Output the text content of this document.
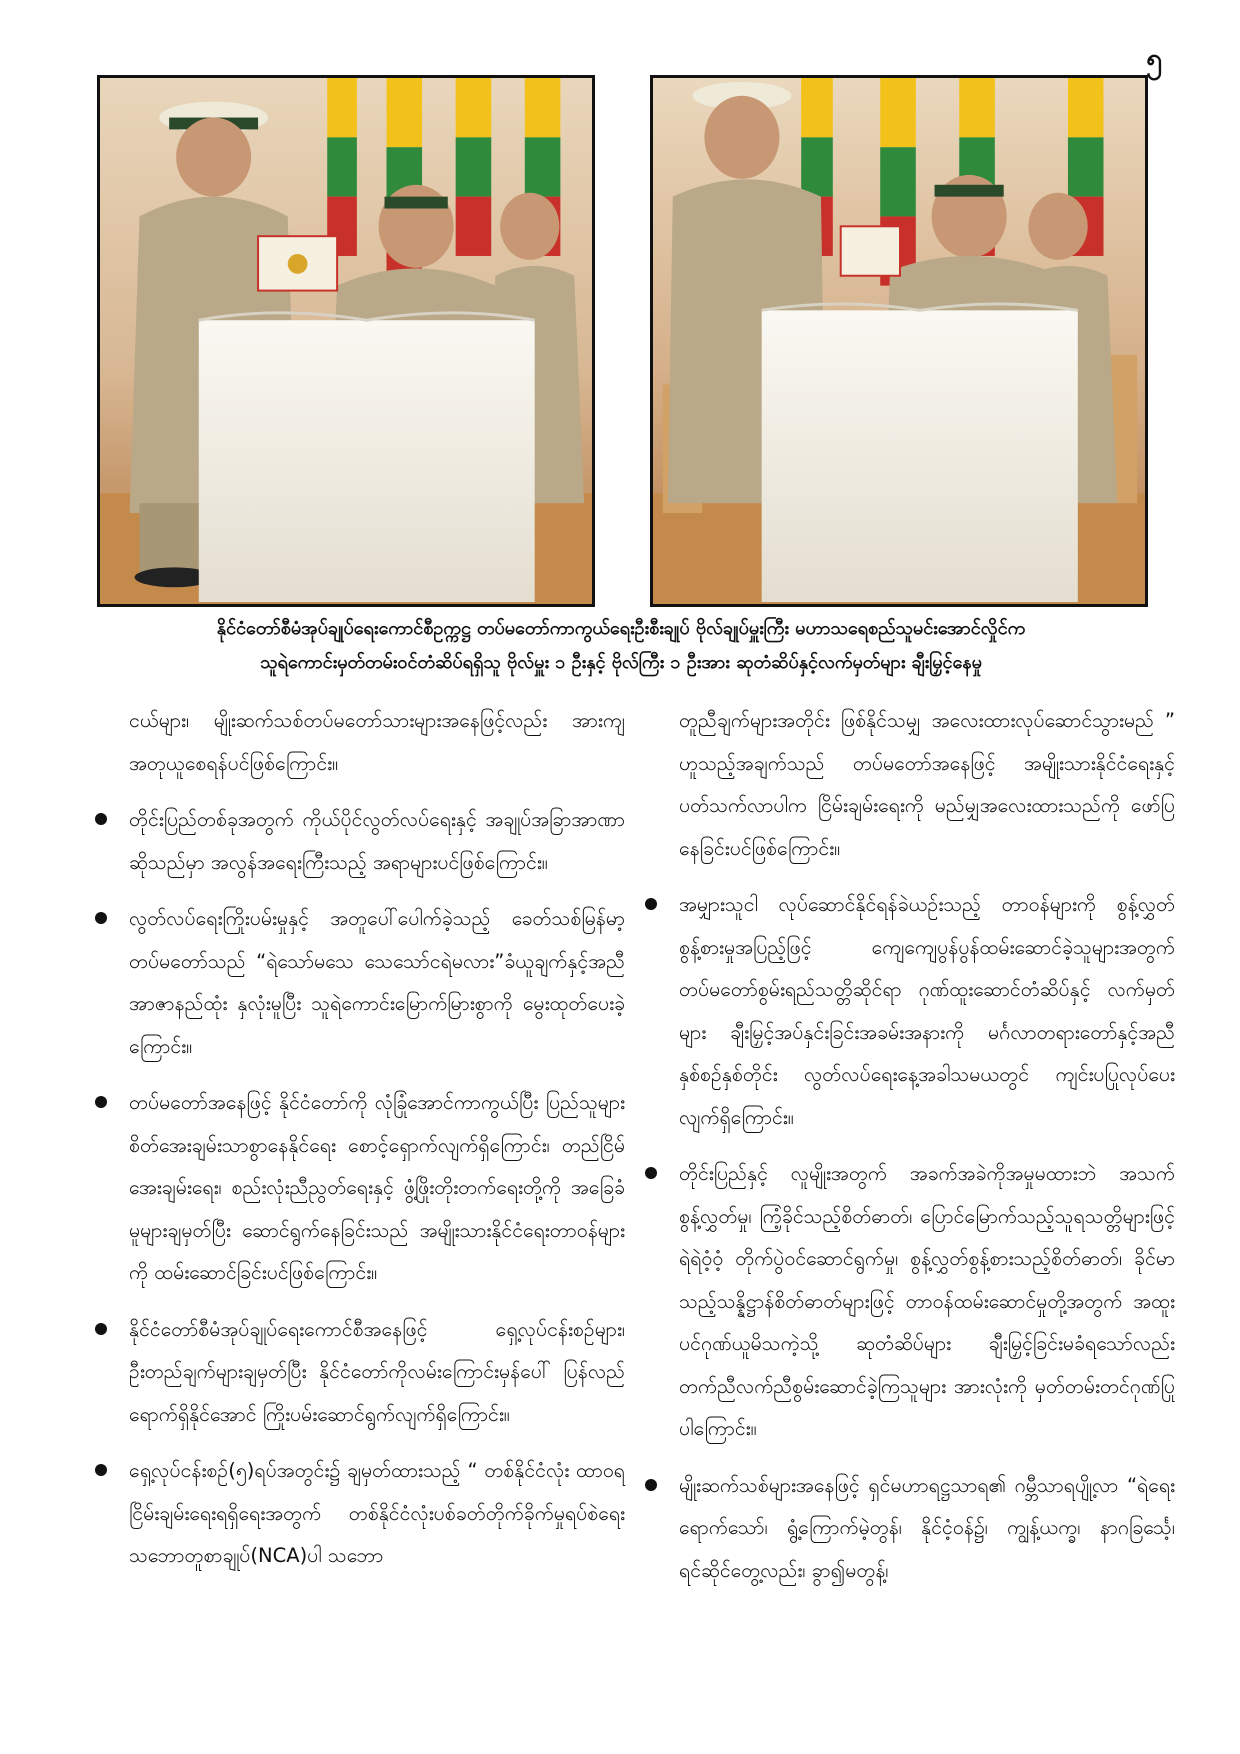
၅
နိုင်ငံတော်စီမံအုပ်ချုပ်ရေးကောင်စီဥက္ကဋ္ဌ တပ်မတော်ကာကွယ်ရေးဦးစီးချုပ် ဗိုလ်ချုပ်မှူးကြီး မဟာသရေစည်သူမင်းအောင်လှိုင်က
သူရဲကောင်းမှတ်တမ်းဝင်တံဆိပ်ရရှိသူ ဗိုလ်မှူး ၁ ဦးနှင့် ဗိုလ်ကြီး ၁ ဦးအား ဆုတံဆိပ်နှင့်လက်မှတ်များ ချီးမြှင့်နေမှု

ငယ်များ၊ မျိုးဆက်သစ်တပ်မတော်သားများအနေဖြင့်လည်း အားကျအတုယူစေရန်ပင်ဖြစ်ကြောင်း။

တိုင်းပြည်တစ်ခုအတွက် ကိုယ်ပိုင်လွတ်လပ်ရေးနှင့် အချုပ်အခြာအာဏာဆိုသည်မှာ အလွန်အရေးကြီးသည့် အရာများပင်ဖြစ်ကြောင်း။
လွတ်လပ်ရေးကြိုးပမ်းမှုနှင့် အတူပေါ်ပေါက်ခဲ့သည့် ခေတ်သစ်မြန်မာ့တပ်မတော်သည် “ရဲသော်မသေ သေသော်ငရဲမလား”ခံယူချက်နှင့်အညီ အာဇာနည်ထုံး နှလုံးမူပြီး သူရဲကောင်းမြောက်မြားစွာကို မွေးထုတ်ပေးခဲ့ကြောင်း။
တပ်မတော်အနေဖြင့် နိုင်ငံတော်ကို လုံခြုံအောင်ကာကွယ်ပြီး ပြည်သူများ စိတ်အေးချမ်းသာစွာနေနိုင်ရေး စောင့်ရှောက်လျက်ရှိကြောင်း၊ တည်ငြိမ်အေးချမ်းရေး၊ စည်းလုံးညီညွတ်ရေးနှင့် ဖွံ့ဖြိုးတိုးတက်ရေးတို့ကို အခြေခံမူများချမှတ်ပြီး ဆောင်ရွက်နေခြင်းသည် အမျိုးသားနိုင်ငံရေးတာဝန်များကို ထမ်းဆောင်ခြင်းပင်ဖြစ်ကြောင်း။
နိုင်ငံတော်စီမံအုပ်ချုပ်ရေးကောင်စီအနေဖြင့် ရှေ့လုပ်ငန်းစဉ်များ၊ ဦးတည်ချက်များချမှတ်ပြီး နိုင်ငံတော်ကိုလမ်းကြောင်းမှန်ပေါ် ပြန်လည်ရောက်ရှိနိုင်အောင် ကြိုးပမ်းဆောင်ရွက်လျက်ရှိကြောင်း။
ရှေ့လုပ်ငန်းစဉ်(၅)ရပ်အတွင်း၌ ချမှတ်ထားသည့် “ တစ်နိုင်ငံလုံး ထာဝရငြိမ်းချမ်းရေးရရှိရေးအတွက် တစ်နိုင်ငံလုံးပစ်ခတ်တိုက်ခိုက်မှုရပ်စဲရေးသဘောတူစာချုပ်(NCA)ပါ သဘော

တူညီချက်များအတိုင်း ဖြစ်နိုင်သမျှ အလေးထားလုပ်ဆောင်သွားမည် ” ဟူသည့်အချက်သည် တပ်မတော်အနေဖြင့် အမျိုးသားနိုင်ငံရေးနှင့် ပတ်သက်လာပါက ငြိမ်းချမ်းရေးကို မည်မျှအလေးထားသည်ကို ဖော်ပြနေခြင်းပင်ဖြစ်ကြောင်း။

အမျှားသူငါ လုပ်ဆောင်နိုင်ရန်ခဲယဉ်းသည့် တာဝန်များကို စွန့်လွှတ်စွန့်စားမှုအပြည့်ဖြင့် ကျေကျေပွန်ပွန်ထမ်းဆောင်ခဲ့သူများအတွက် တပ်မတော်စွမ်းရည်သတ္တိဆိုင်ရာ ဂုဏ်ထူးဆောင်တံဆိပ်နှင့် လက်မှတ်များ ချီးမြှင့်အပ်နှင်းခြင်းအခမ်းအနားကို မင်္ဂလာတရားတော်နှင့်အညီ နှစ်စဉ်နှစ်တိုင်း လွတ်လပ်ရေးနေ့အခါသမယတွင် ကျင်းပပြုလုပ်ပေးလျက်ရှိကြောင်း။
တိုင်းပြည်နှင့် လူမျိုးအတွက် အခက်အခဲကိုအမှုမထားဘဲ အသက်စွန့်လွှတ်မှု၊ ကြံ့ခိုင်သည့်စိတ်ဓာတ်၊ ပြောင်မြောက်သည့်သူရသတ္တိများဖြင့် ရဲရဲဝံ့ဝံ့ တိုက်ပွဲဝင်ဆောင်ရွက်မှု၊ စွန့်လွှတ်စွန့်စားသည့်စိတ်ဓာတ်၊ ခိုင်မာသည့်သန္နိဋ္ဌာန်စိတ်ဓာတ်များဖြင့် တာဝန်ထမ်းဆောင်မှုတို့အတွက် အထူးပင်ဂုဏ်ယူမိသကဲ့သို့ ဆုတံဆိပ်များ ချီးမြှင့်ခြင်းမခံရသော်လည်း တက်ညီလက်ညီစွမ်းဆောင်ခဲ့ကြသူများ အားလုံးကို မှတ်တမ်းတင်ဂုဏ်ပြုပါကြောင်း။
မျိုးဆက်သစ်များအနေဖြင့် ရှင်မဟာရဋ္ဌသာရ၏ ဂမ္ဘီသာရပျို့လာ “ရဲရေးရောက်သော်၊ ရွံ့ကြောက်မဲ့တွန်၊ နိုင်ငံ့ဝန်၌၊ ကျွန့်ယက္ခ၊ နာဂခြင်္သေ့၊ ရင်ဆိုင်တွေ့လည်း၊ ခွာ၍မတွန့်၊
